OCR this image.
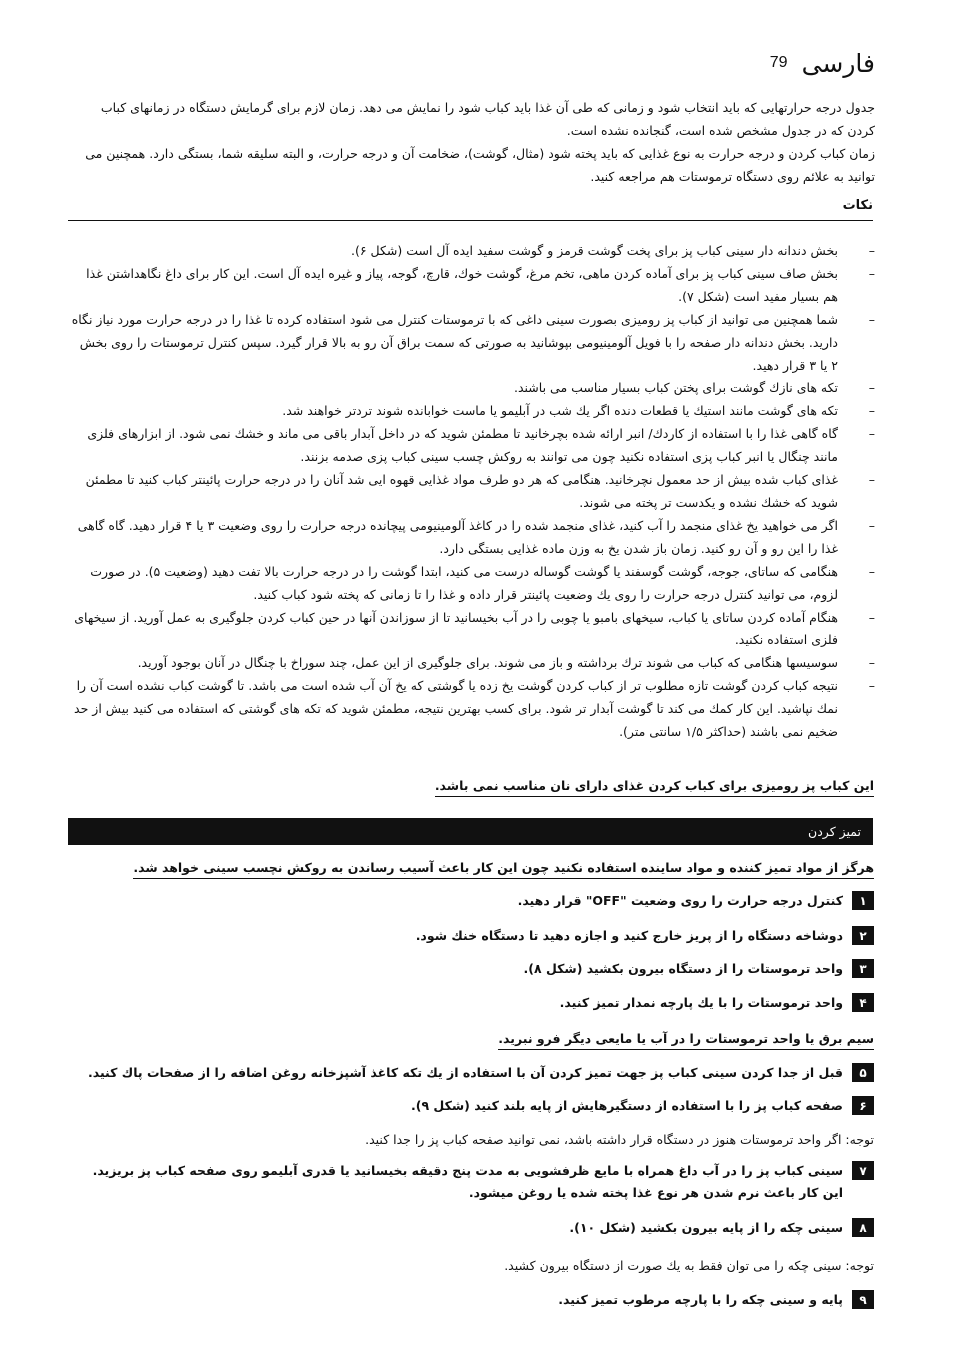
فارسی
79

جدول درجه حرارتهایی که باید انتخاب شود و زمانی که طی آن غذا باید کباب شود را نمایش می دهد. زمان لازم برای گرمایش دستگاه در زمانهای کباب کردن که در جدول مشخص شده است، گنجانده نشده است.

زمان کباب کردن و درجه حرارت به نوع غذایی که باید پخته شود (مثال، گوشت)، ضخامت آن و درجه حرارت، و البته سلیقه شما، بستگی دارد. همچنین می توانید به علائم روی دستگاه ترموستات هم مراجعه کنید.

نکات
–
بخش دندانه دار سینی کباب پز برای پخت گوشت قرمز و گوشت سفید ایده آل است (شکل ۶).
–
بخش صاف سینی کباب پز برای آماده کردن ماهی، تخم مرغ، گوشت خوك، قارچ، گوجه، پیاز و غیره ایده آل است. این کار برای داغ نگاهداشتن غذا هم بسیار مفید است (شکل ۷).
–
شما همچنین می توانید از کباب پز رومیزی بصورت سینی داغی که با ترموستات کنترل می شود استفاده کرده تا غذا را در درجه حرارت مورد نیاز نگاه دارید. بخش دندانه دار صفحه را با فویل آلومینیومی بپوشانید به صورتی که سمت براق آن رو به بالا قرار گیرد. سپس کنترل ترموستات را روی بخش ۲ یا ۳ قرار دهید.
–
تکه های نازك گوشت برای پختن کباب بسیار مناسب می باشند.
–
تکه های گوشت مانند استیك یا قطعات دنده اگر یك شب در آبلیمو یا ماست خوابانده شوند تردتر خواهند شد.
–
گاه گاهی غذا را با استفاده از کاردك/ انبر ارائه شده بچرخانید تا مطمئن شوید که در داخل آبدار باقی می ماند و خشك نمی شود. از ابزارهای فلزی مانند چنگال یا انبر کباب پزی استفاده نکنید چون می توانند به روکش چسب سینی کباب پزی صدمه بزنند.
–
غذای کباب شده بیش از حد معمول نچرخانید. هنگامی که هر دو طرف مواد غذایی قهوه ایی شد آنان را در درجه حرارت پائینتر کباب کنید تا مطمئن شوید که خشك نشده و یکدست تر پخته می شوند.
–
اگر می خواهید یخ غذای منجمد را آب کنید، غذای منجمد شده را در کاغذ آلومینیومی پیچانده درجه حرارت را روی وضعیت ۳ یا ۴ قرار دهید. گاه گاهی غذا را این رو و آن رو کنید. زمان باز شدن یخ به وزن ماده غذایی بستگی دارد.
–
هنگامی که ساتای، جوجه، گوشت گوسفند یا گوشت گوساله درست می کنید، ابتدا گوشت را در درجه حرارت بالا تفت دهید (وضعیت ۵). در صورت لزوم، می توانید کنترل درجه حرارت را روی یك وضعیت پائینتر قرار داده و غذا را تا زمانی که پخته شود کباب کنید.
–
هنگام آماده کردن ساتای یا کباب، سیخهای بامبو یا چوبی را در آب بخیسانید تا از سوزاندن آنها در حین کباب کردن جلوگیری به عمل آورید. از سیخهای فلزی استفاده نکنید.
–
سوسیسها هنگامی که کباب می شوند ترك برداشته و باز می شوند. برای جلوگیری از این عمل، چند سوراخ با چنگال در آنان بوجود آورید.
–
نتیجه کباب کردن گوشت تازه مطلوب تر از کباب کردن گوشت یخ زده یا گوشتی که یخ آن آب شده است می باشد. تا گوشت کباب نشده است آن را نمك نپاشید. این کار کمك می کند تا گوشت آبدار تر شود. برای کسب بهترین نتیجه، مطمئن شوید که تکه های گوشتی که استفاده می کنید بیش از حد ضخیم نمی باشند (حداکثر ۱/۵ سانتی متر).
این کباب پز رومیزی برای کباب کردن غذای دارای نان مناسب نمی باشد.
تمیز کردن
هرگز از مواد تمیز کننده و مواد ساینده استفاده نکنید چون این کار باعث آسیب رساندن به روکش نچسب سینی خواهد شد.
۱
کنترل درجه حرارت را روی وضعیت "OFF" قرار دهید.
۲
دوشاخه دستگاه را از پریز خارج کنید و اجازه دهید تا دستگاه خنك شود.
۳
واحد ترموستات را از دستگاه بیرون بکشید (شکل ۸).
۴
واحد ترموستات را با یك پارچه نمدار تمیز کنید.
سیم برق یا واحد ترموستات را در آب یا مایعی دیگر فرو نبرید.
۵
قبل از جدا کردن سینی کباب پز جهت تمیز کردن آن با استفاده از یك تکه کاغذ آشپزخانه روغن اضافه را از صفحات پاك کنید.
۶
صفحه کباب پز را با استفاده از دستگیرهایش از پایه بلند کنید (شکل ۹).
توجه: اگر واحد ترموستات هنوز در دستگاه قرار داشته باشد، نمی توانید صفحه کباب پز را جدا کنید.
۷
سینی کباب پز را در آب داغ همراه با مایع ظرفشویی به مدت پنج دقیقه بخیسانید یا قدری آبلیمو روی صفحه کباب پز بریزید. این کار باعث نرم شدن هر نوع غذا پخته شده یا روغن میشود.
۸
سینی چکه را از پایه بیرون بکشید (شکل ۱۰).
توجه: سینی چکه را می توان فقط به یك صورت از دستگاه بیرون کشید.
۹
پایه و سینی چکه را با پارچه مرطوب تمیز کنید.
